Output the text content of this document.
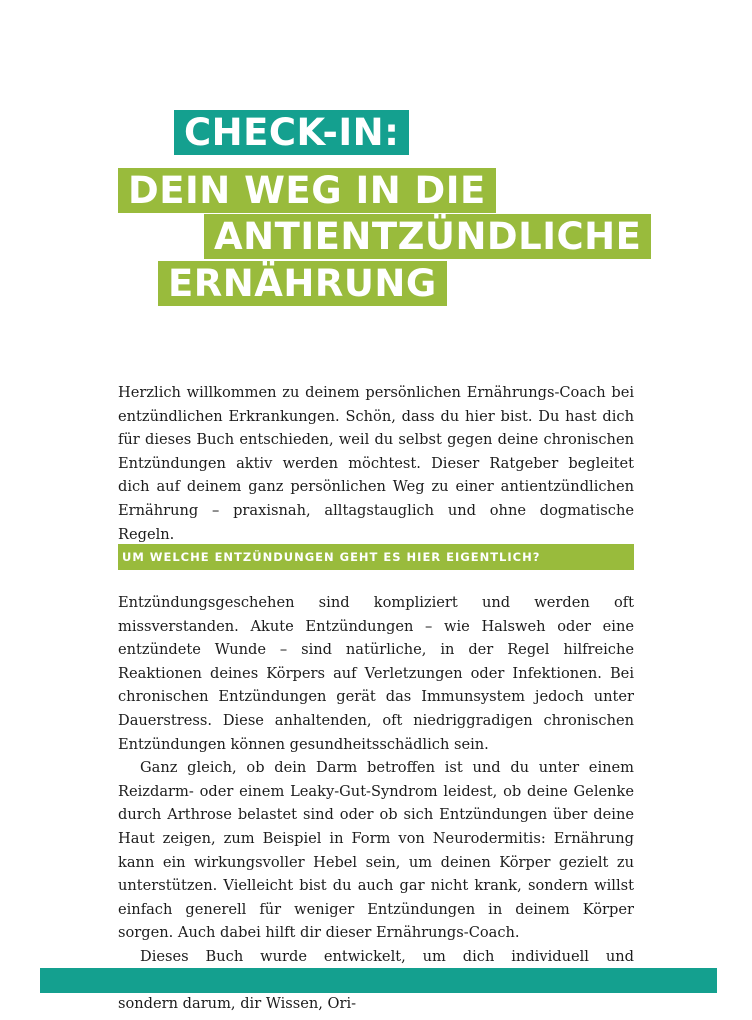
CHECK-IN:
DEIN WEG IN DIE
ANTIENTZÜNDLICHE
ERNÄHRUNG

Herzlich willkommen zu deinem persönlichen Ernährungs-Coach bei entzündlichen Erkrankungen. Schön, dass du hier bist. Du hast dich für dieses Buch entschieden, weil du selbst gegen deine chronischen Entzündungen aktiv werden möchtest. Dieser Ratgeber begleitet dich auf deinem ganz persönlichen Weg zu einer antientzündlichen Ernährung – praxisnah, alltagstauglich und ohne dogmatische Regeln.

UM WELCHE ENTZÜNDUNGEN GEHT ES HIER EIGENTLICH?

Entzündungsgeschehen sind kompliziert und werden oft missverstanden. Akute Entzündungen – wie Halsweh oder eine entzündete Wunde – sind natürliche, in der Regel hilfreiche Reaktionen deines Körpers auf Verletzungen oder Infektionen. Bei chronischen Entzündungen gerät das Immunsystem jedoch unter Dauerstress. Diese anhaltenden, oft niedriggradigen chronischen Entzündungen können gesundheitsschädlich sein.

Ganz gleich, ob dein Darm betroffen ist und du unter einem Reizdarm- oder einem Leaky-Gut-Syndrom leidest, ob deine Gelenke durch Arthrose belastet sind oder ob sich Entzündungen über deine Haut zeigen, zum Beispiel in Form von Neurodermitis: Ernährung kann ein wirkungsvoller Hebel sein, um deinen Körper gezielt zu unterstützen. Vielleicht bist du auch gar nicht krank, sondern willst einfach generell für weniger Entzündungen in deinem Körper sorgen. Auch dabei hilft dir dieser Ernährungs-Coach.

Dieses Buch wurde entwickelt, um dich individuell und sondern darum, dir Wissen, Ori-
